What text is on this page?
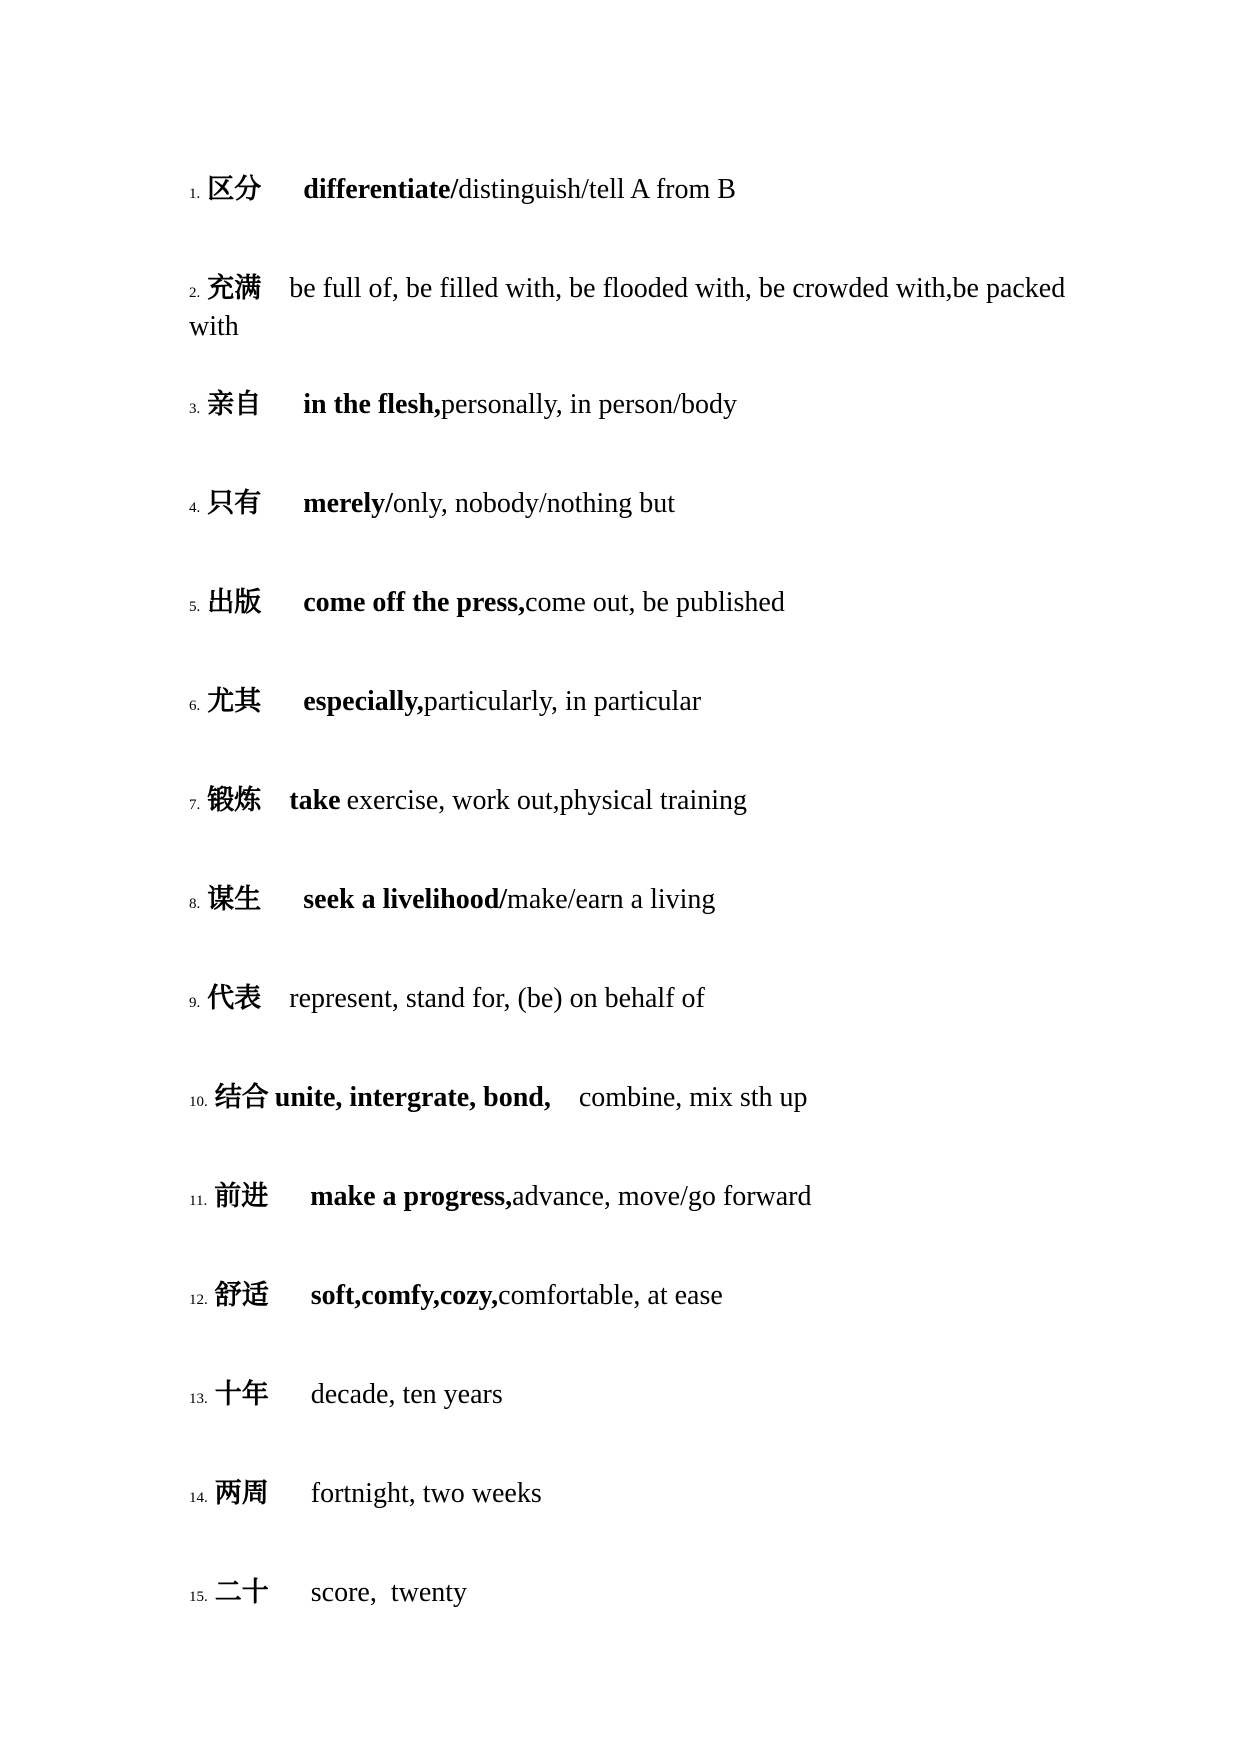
1. 区分 differentiate/distinguish/tell A from B
2. 充满 be full of, be filled with, be flooded with, be crowded with,be packed with
3. 亲自 in the flesh,personally, in person/body
4. 只有 merely/only, nobody/nothing but
5. 出版 come off the press,come out, be published
6. 尤其 especially,particularly, in particular
7. 锻炼 take exercise, work out,physical training
8. 谋生 seek a livelihood/make/earn a living
9. 代表 represent, stand for, (be) on behalf of
10. 结合 unite, intergrate, bond, combine, mix sth up
11. 前进 make a progress,advance, move/go forward
12. 舒适 soft,comfy,cozy,comfortable, at ease
13. 十年 decade, ten years
14. 两周 fortnight, two weeks
15. 二十 score,  twenty
